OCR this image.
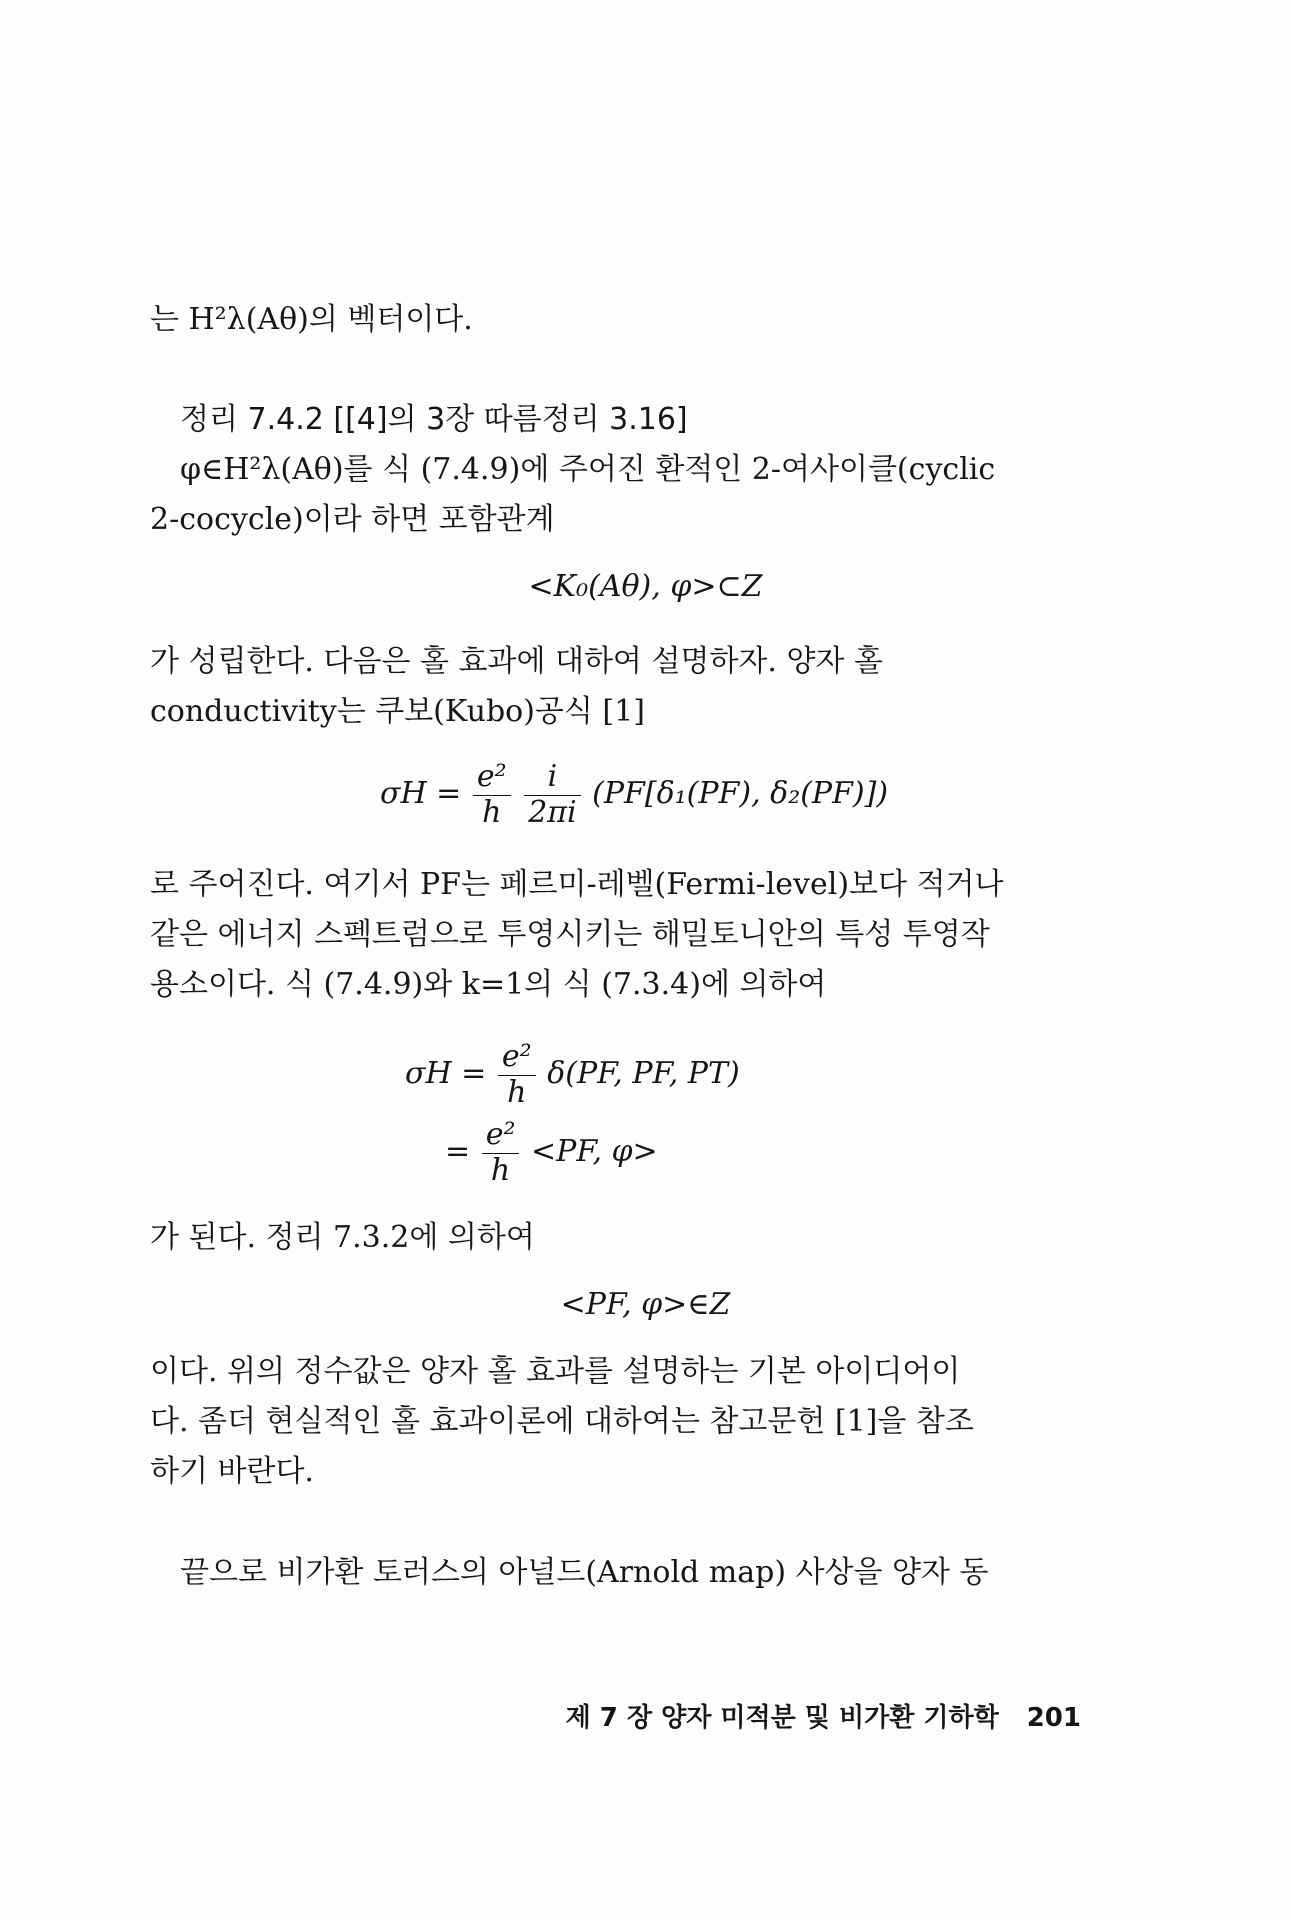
는 H²λ(Aθ)의 벡터이다.
정리 7.4.2 [[4]의 3장 따름정리 3.16]
φ∈H²λ(Aθ)를 식 (7.4.9)에 주어진 환적인 2-여사이클(cyclic
2-cocycle)이라 하면 포함관계
<K₀(Aθ), φ>⊂Z
가 성립한다. 다음은 홀 효과에 대하여 설명하자. 양자 홀
conductivity는 쿠보(Kubo)공식 [1]
$\sigma H = \frac{\text{e²}}{h}$
$\frac{i}{2\pi i} (PF[\delta_1(PF)$, δ₂(PF)])
로 주어진다. 여기서 PF는 페르미-레벨(Fermi-level)보다 적거나
같은 에너지 스펙트럼으로 투영시키는 해밀토니안의 특성 투영작
용소이다. 식 (7.4.9)와 k=1의 식 (7.3.4)에 의하여
$\sigma H = \frac{\text{e²}}{h} \delta(PF$, PF, PT)
= $\frac{\text{e²}}{h} <PF$, φ>
가 된다. 정리 7.3.2에 의하여
<PF, φ>∈Z
이다. 위의 정수값은 양자 홀 효과를 설명하는 기본 아이디어이
다. 좀더 현실적인 홀 효과이론에 대하여는 참고문헌 [1]을 참조
하기 바란다.
끝으로 비가환 토러스의 아널드(Arnold map) 사상을 양자 동
제 7 장 양자 미적분 및 비가환 기하학 201
